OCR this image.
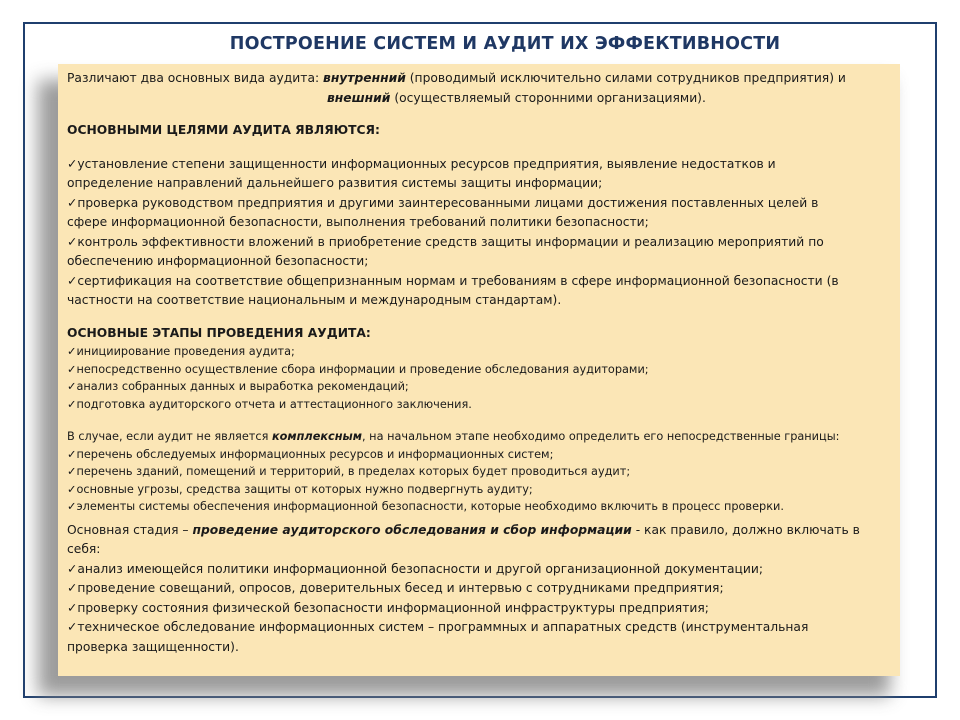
ПОСТРОЕНИЕ СИСТЕМ И АУДИТ ИХ ЭФФЕКТИВНОСТИ

Различают два основных вида аудита: внутренний (проводимый исключительно силами сотрудников предприятия) и

внешний (осуществляемый сторонними организациями).

ОСНОВНЫМИ ЦЕЛЯМИ АУДИТА ЯВЛЯЮТСЯ:

✓ установление степени защищенности информационных ресурсов предприятия, выявление недостатков и

определение направлений дальнейшего развития системы защиты информации;

✓ проверка руководством предприятия и другими заинтересованными лицами достижения поставленных целей в

сфере информационной безопасности, выполнения требований политики безопасности;

✓ контроль эффективности вложений в приобретение средств защиты информации и реализацию мероприятий по

обеспечению информационной безопасности;

✓ сертификация на соответствие общепризнанным нормам и требованиям в сфере информационной безопасности (в

частности на соответствие национальным и международным стандартам).

ОСНОВНЫЕ ЭТАПЫ ПРОВЕДЕНИЯ АУДИТА:

✓ инициирование проведения аудита;

✓ непосредственно осуществление сбора информации и проведение обследования аудиторами;

✓ анализ собранных данных и выработка рекомендаций;

✓ подготовка аудиторского отчета и аттестационного заключения.

В случае, если аудит не является комплексным, на начальном этапе необходимо определить его непосредственные границы:

✓ перечень обследуемых информационных ресурсов и информационных систем;

✓ перечень зданий, помещений и территорий, в пределах которых будет проводиться аудит;

✓ основные угрозы, средства защиты от которых нужно подвергнуть аудиту;

✓ элементы системы обеспечения информационной безопасности, которые необходимо включить в процесс проверки.

Основная стадия – проведение аудиторского обследования и сбор информации - как правило, должно включать в

себя:

✓ анализ имеющейся политики информационной безопасности и другой организационной документации;

✓ проведение совещаний, опросов, доверительных бесед и интервью с сотрудниками предприятия;

✓ проверку состояния физической безопасности информационной инфраструктуры предприятия;

✓ техническое обследование информационных систем – программных и аппаратных средств (инструментальная

проверка защищенности).
